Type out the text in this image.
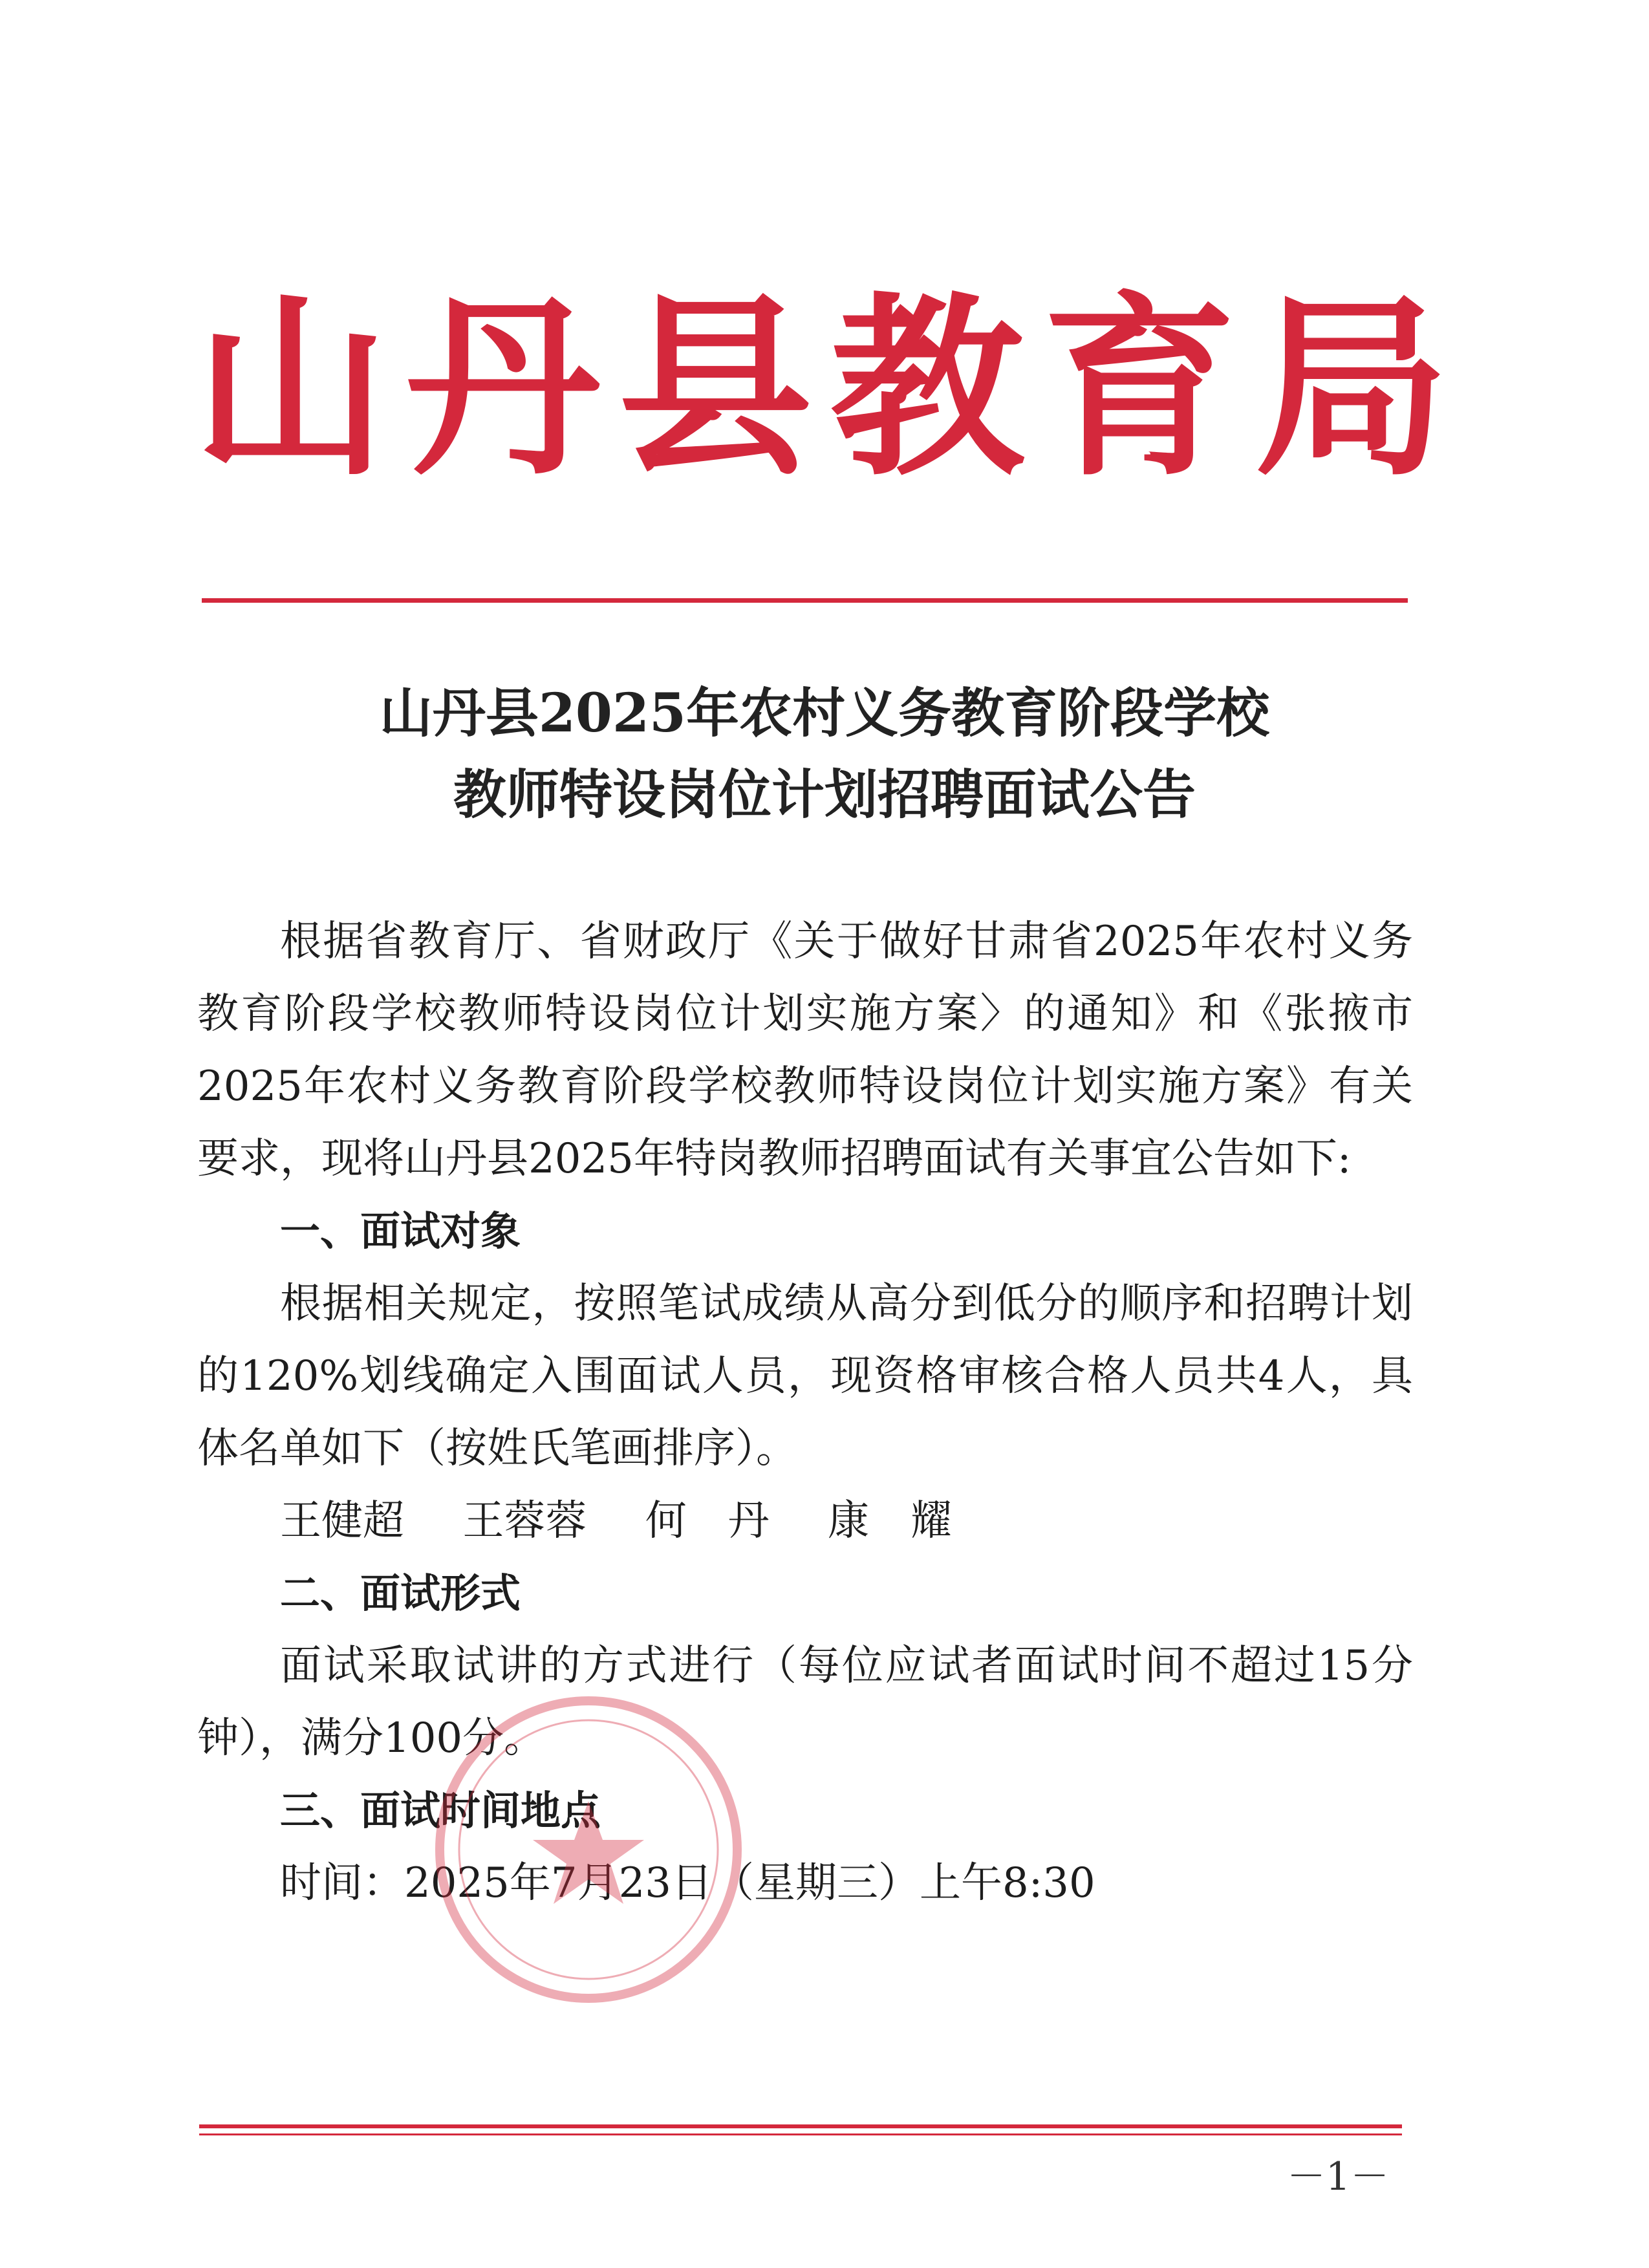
山丹县教育局
山丹县2025年农村义务教育阶段学校
教师特设岗位计划招聘面试公告

根据省教育厅、省财政厅《关于做好甘肃省2025年农村义务教育阶段学校教师特设岗位计划实施方案〉的通知》和《张掖市2025年农村义务教育阶段学校教师特设岗位计划实施方案》有关要求，现将山丹县2025年特岗教师招聘面试有关事宜公告如下:

一、面试对象

根据相关规定，按照笔试成绩从高分到低分的顺序和招聘计划的120%划线确定入围面试人员，现资格审核合格人员共4人，具体名单如下（按姓氏笔画排序）。

王健超 王蓉蓉 何　丹 康　耀

二、面试形式

面试采取试讲的方式进行（每位应试者面试时间不超过15分钟），满分100分。

三、面试时间地点

时间：2025年7月23日（星期三）上午8:30

－1－
